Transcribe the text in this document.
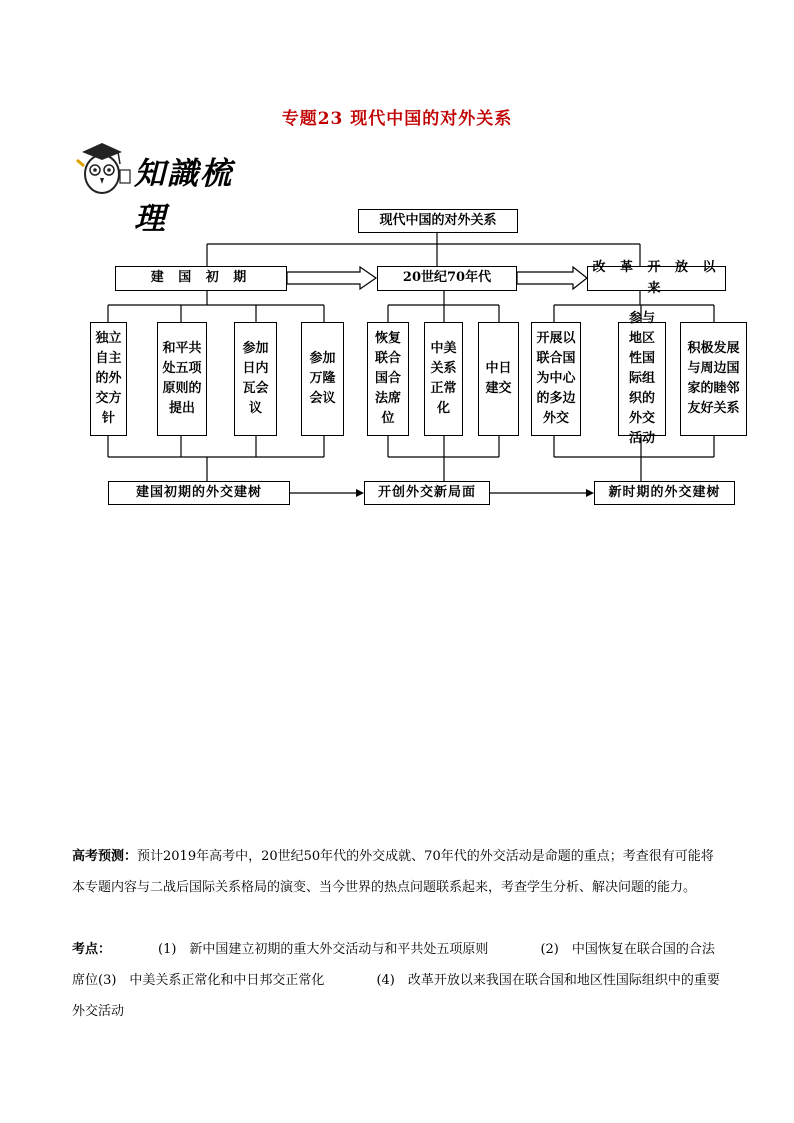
专题23 现代中国的对外关系
知識梳理	现代中国的对外关系
建 国 初 期	20世纪70年代
改 革 开 放 以 来
独立自主的外交方针
和平共处五项原则的提出
参加日内瓦会议
参加万隆会议
恢复联合国合法席位
中美关系正常化
中日建交
开展以联合国为中心的多边外交
参与地区性国际组织的外交活动
积极发展与周边国家的睦邻友好关系
建国初期的外交建树	开创外交新局面	新时期的外交建树
高考预测：预计2019年高考中，20世纪50年代的外交成就、70年代的外交活动是命题的重点；考查很有可能将本专题内容与二战后国际关系格局的演变、当今世界的热点问题联系起来，考查学生分析、解决问题的能力。
考点：	(1)　新中国建立初期的重大外交活动与和平共处五项原则　　　　	(2)　中国恢复在联合国的合法席位(3)　中美关系正常化和中日邦交正常化　　　　	(4)　改革开放以来我国在联合国和地区性国际组织中的重要外交活动
